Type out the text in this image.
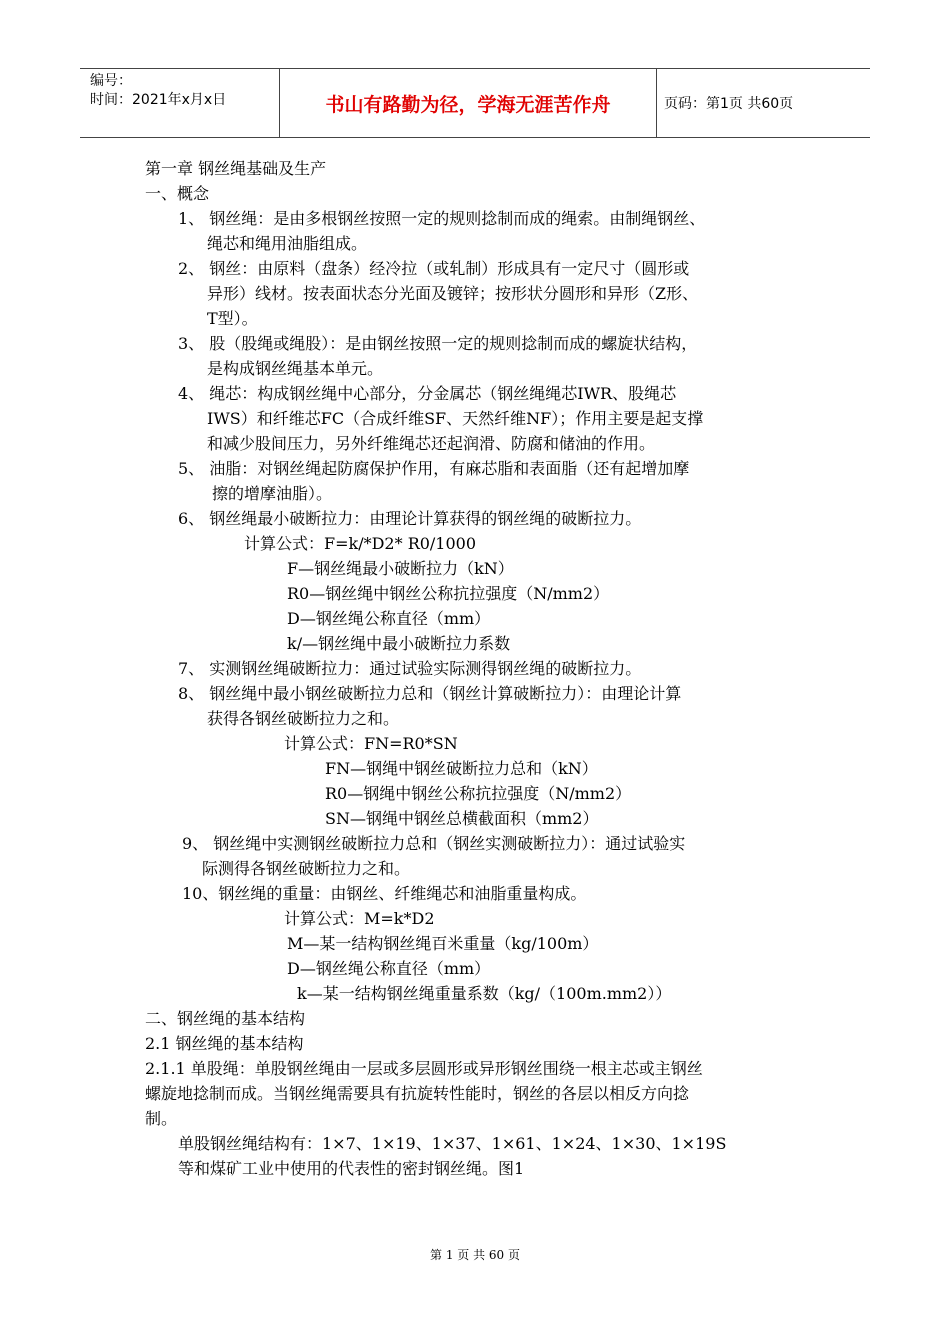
编号：
时间：2021年x月x日	书山有路勤为径，学海无涯苦作舟	页码：第1页 共60页
第一章 钢丝绳基础及生产
一、概念
1、 钢丝绳：是由多根钢丝按照一定的规则捻制而成的绳索。由制绳钢丝、
绳芯和绳用油脂组成。
2、 钢丝：由原料（盘条）经冷拉（或轧制）形成具有一定尺寸（圆形或
异形）线材。按表面状态分光面及镀锌；按形状分圆形和异形（Z形、
T型）。
3、 股（股绳或绳股）：是由钢丝按照一定的规则捻制而成的螺旋状结构，
是构成钢丝绳基本单元。
4、 绳芯：构成钢丝绳中心部分，分金属芯（钢丝绳绳芯IWR、股绳芯
IWS）和纤维芯FC（合成纤维SF、天然纤维NF）；作用主要是起支撑
和减少股间压力，另外纤维绳芯还起润滑、防腐和储油的作用。
5、 油脂：对钢丝绳起防腐保护作用，有麻芯脂和表面脂（还有起增加摩
擦的增摩油脂）。
6、 钢丝绳最小破断拉力：由理论计算获得的钢丝绳的破断拉力。
计算公式：F=k/*D2* R0/1000
F—钢丝绳最小破断拉力（kN）
R0—钢丝绳中钢丝公称抗拉强度（N/mm2）
D—钢丝绳公称直径（mm）
k/—钢丝绳中最小破断拉力系数
7、 实测钢丝绳破断拉力：通过试验实际测得钢丝绳的破断拉力。
8、 钢丝绳中最小钢丝破断拉力总和（钢丝计算破断拉力）：由理论计算
获得各钢丝破断拉力之和。
计算公式：FN=R0*SN
FN—钢绳中钢丝破断拉力总和（kN）
R0—钢绳中钢丝公称抗拉强度（N/mm2）
SN—钢绳中钢丝总横截面积（mm2）
9、 钢丝绳中实测钢丝破断拉力总和（钢丝实测破断拉力）：通过试验实
际测得各钢丝破断拉力之和。
10、钢丝绳的重量：由钢丝、纤维绳芯和油脂重量构成。
计算公式：M=k*D2
M—某一结构钢丝绳百米重量（kg/100m）
D—钢丝绳公称直径（mm）
k—某一结构钢丝绳重量系数（kg/（100m.mm2））
二、钢丝绳的基本结构
2.1 钢丝绳的基本结构
2.1.1 单股绳：单股钢丝绳由一层或多层圆形或异形钢丝围绕一根主芯或主钢丝
螺旋地捻制而成。当钢丝绳需要具有抗旋转性能时，钢丝的各层以相反方向捻
制。
单股钢丝绳结构有：1×7、1×19、1×37、1×61、1×24、1×30、1×19S
等和煤矿工业中使用的代表性的密封钢丝绳。图1
第 1 页 共 60 页
